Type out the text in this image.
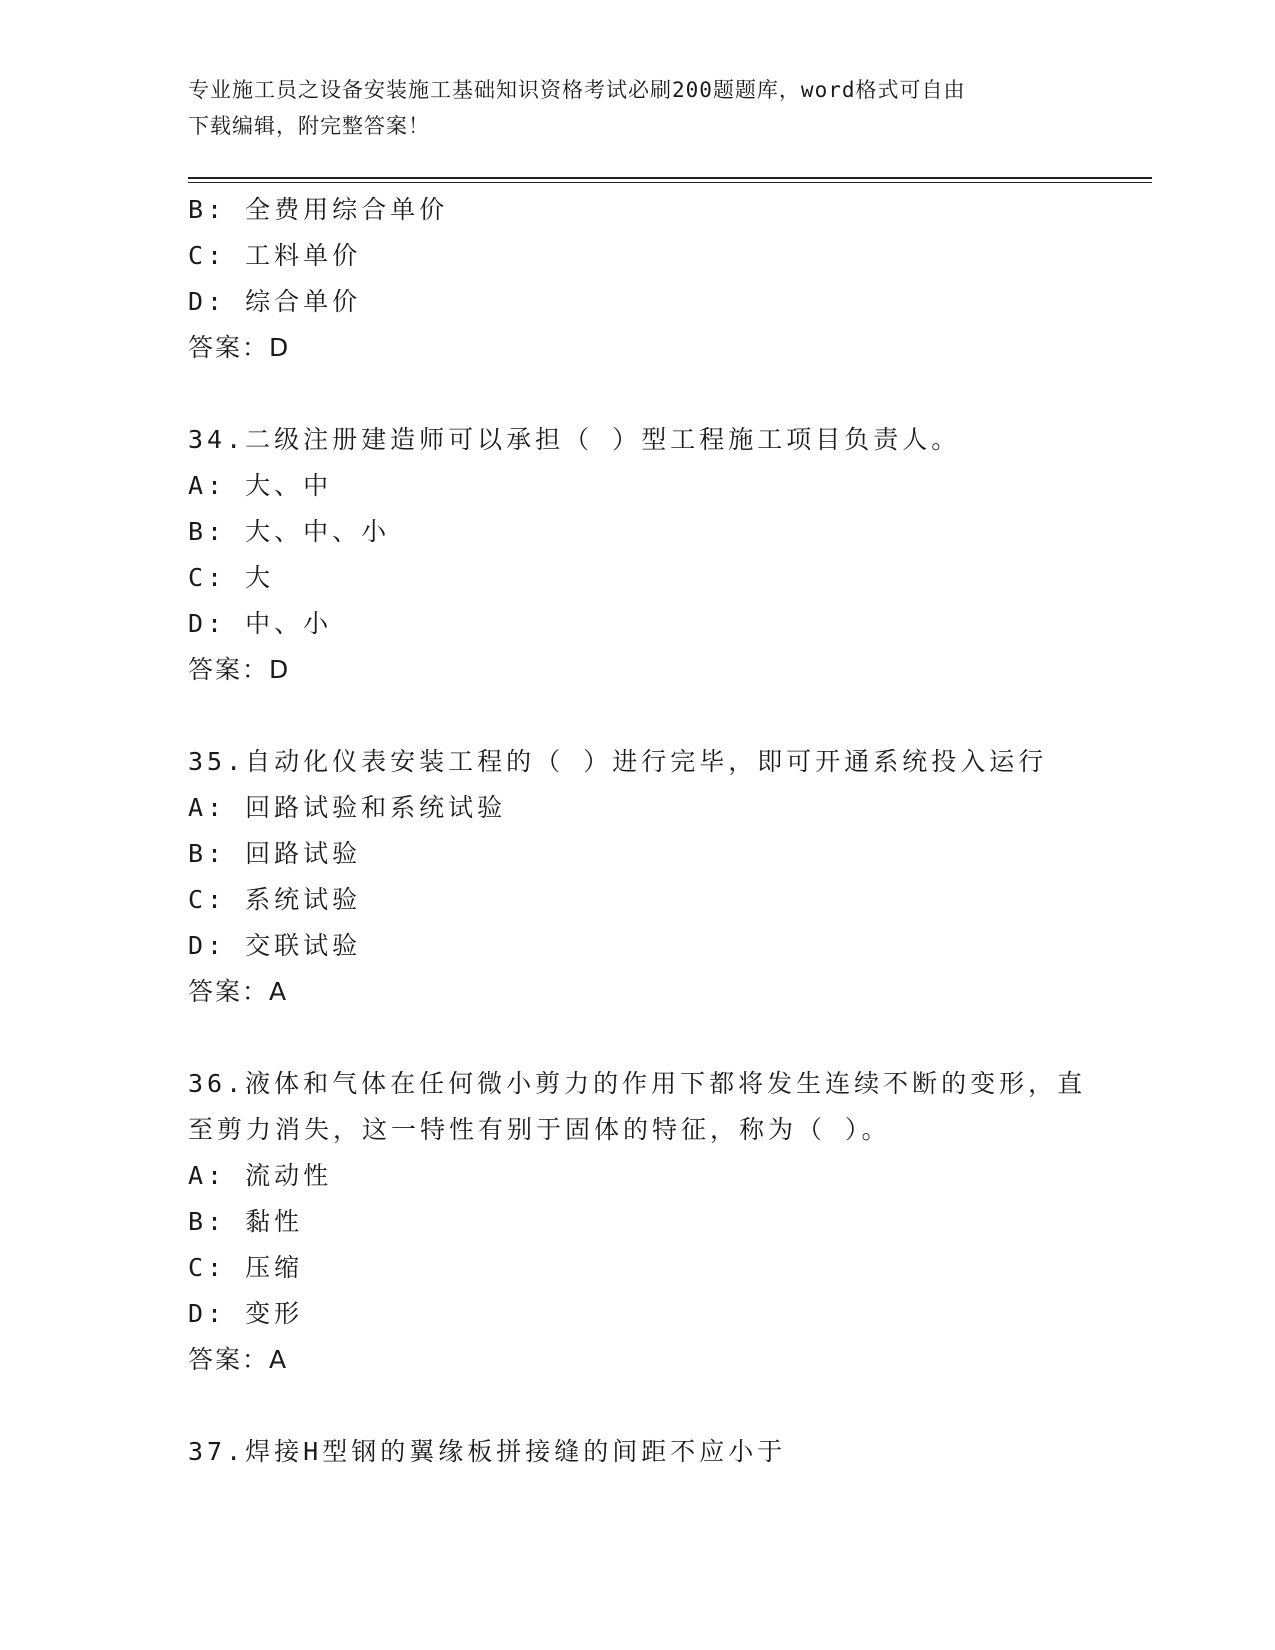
专业施工员之设备安装施工基础知识资格考试必刷200题题库，word格式可自由
下载编辑，附完整答案！
B: 全费用综合单价
C: 工料单价
D: 综合单价
答案：D
34.二级注册建造师可以承担（ ）型工程施工项目负责人。
A: 大、中
B: 大、中、小
C: 大
D: 中、小
答案：D
35.自动化仪表安装工程的（ ）进行完毕，即可开通系统投入运行
A: 回路试验和系统试验
B: 回路试验
C: 系统试验
D: 交联试验
答案：A
36.液体和气体在任何微小剪力的作用下都将发生连续不断的变形，直
至剪力消失，这一特性有别于固体的特征，称为（ ）。
A: 流动性
B: 黏性
C: 压缩
D: 变形
答案：A
37.焊接H型钢的翼缘板拼接缝的间距不应小于
